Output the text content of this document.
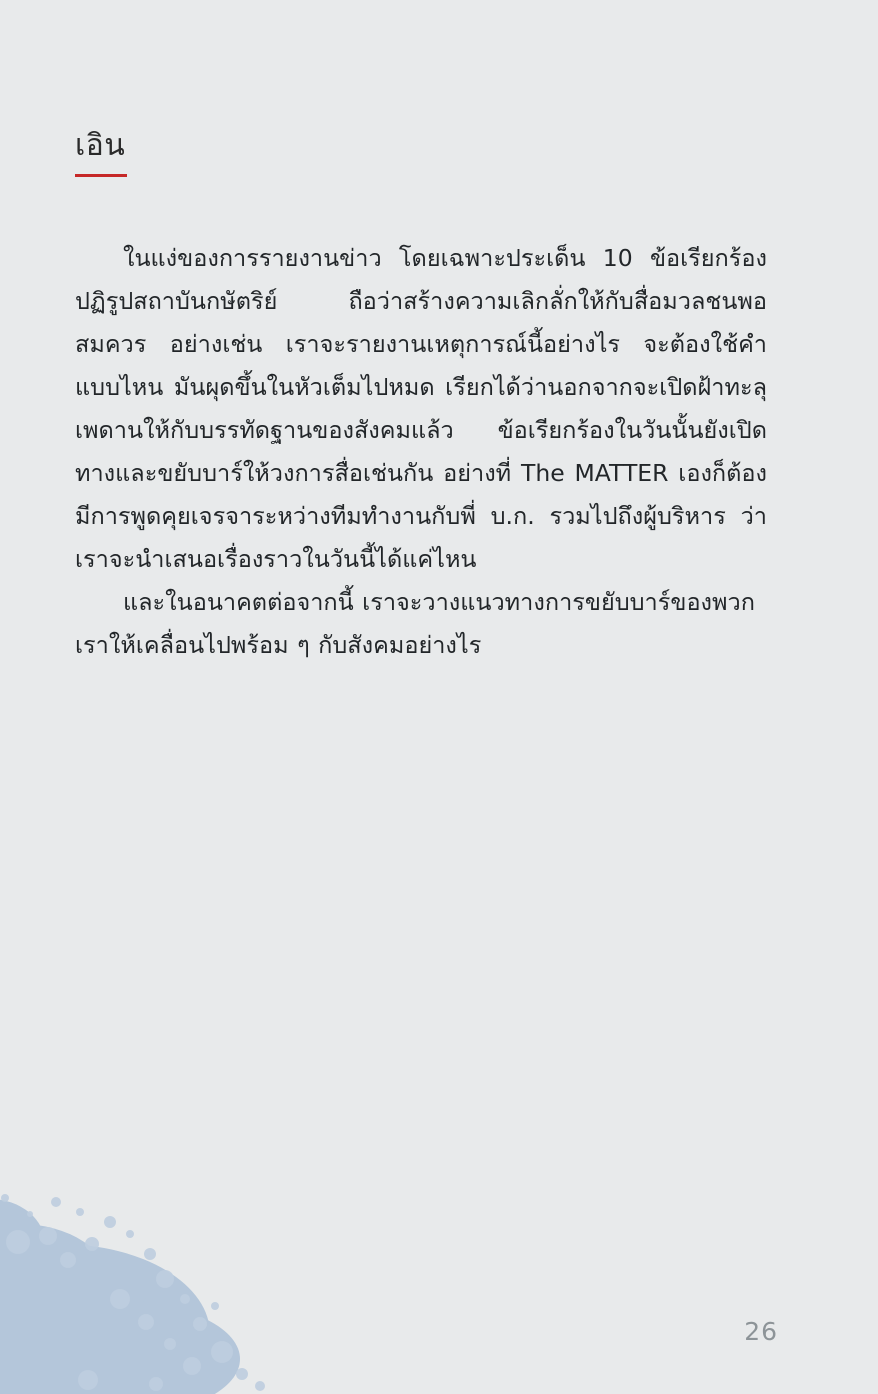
เอิน

ในแง่ของการรายงานข่าว โดยเฉพาะประเด็น 10 ข้อเรียกร้องปฏิรูปสถาบันกษัตริย์ ถือว่าสร้างความเลิกลั่กให้กับสื่อมวลชนพอสมควร อย่างเช่น เราจะรายงานเหตุการณ์นี้อย่างไร จะต้องใช้คำแบบไหน มันผุดขึ้นในหัวเต็มไปหมด เรียกได้ว่านอกจากจะเปิดฝ้าทะลุเพดานให้กับบรรทัดฐานของสังคมแล้ว ข้อเรียกร้องในวันนั้นยังเปิดทางและขยับบาร์ให้วงการสื่อเช่นกัน อย่างที่ The MATTER เองก็ต้องมีการพูดคุยเจรจาระหว่างทีมทำงานกับพี่ บ.ก. รวมไปถึงผู้บริหาร ว่าเราจะนำเสนอเรื่องราวในวันนี้ได้แค่ไหน

และในอนาคตต่อจากนี้ เราจะวางแนวทางการขยับบาร์ของพวกเราให้เคลื่อนไปพร้อม ๆ กับสังคมอย่างไร

26
